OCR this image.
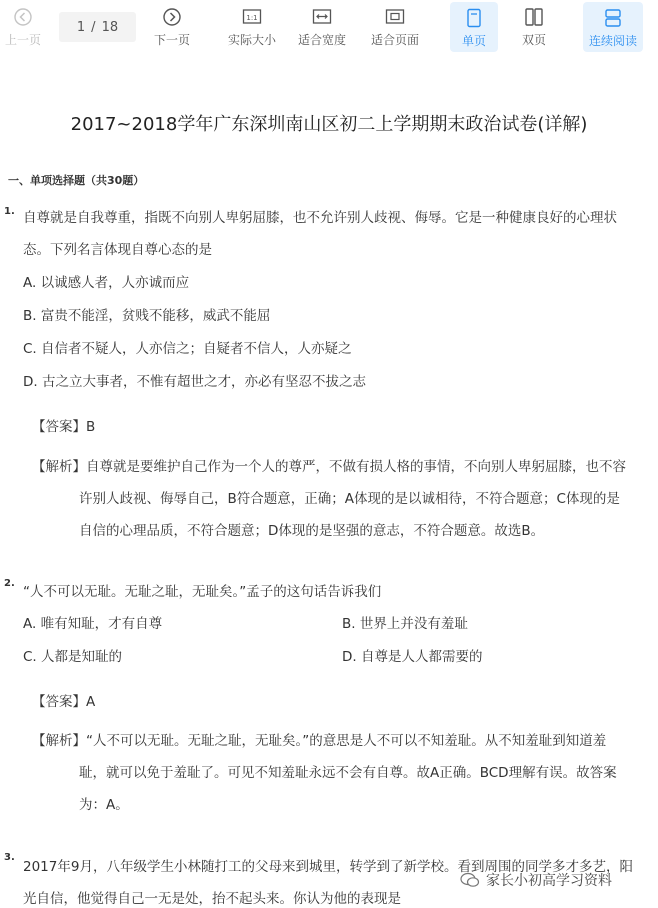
上一页
1 / 18
下一页
1:1
实际大小 适合宽度 适合页面	单页	双页	连续阅读
2017~2018学年广东深圳南山区初二上学期期末政治试卷(详解)
一、单项选择题（共30题）
1. 自尊就是自我尊重，指既不向别人卑躬屈膝，也不允许别人歧视、侮辱。它是一种健康良好的心理状
态。下列名言体现自尊心态的是
A. 以诚感人者，人亦诚而应
B. 富贵不能淫，贫贱不能移，威武不能屈
C. 自信者不疑人，人亦信之；自疑者不信人，人亦疑之
D. 古之立大事者，不惟有超世之才，亦必有坚忍不拔之志
【答案】B
【解析】自尊就是要维护自己作为一个人的尊严，不做有损人格的事情，不向别人卑躬屈膝，也不容
许别人歧视、侮辱自己，B符合题意，正确；A体现的是以诚相待，不符合题意；C体现的是
自信的心理品质，不符合题意；D体现的是坚强的意志，不符合题意。故选B。
2.
“人不可以无耻。无耻之耻，无耻矣。”孟子的这句话告诉我们
A. 唯有知耻，才有自尊	B. 世界上并没有羞耻
C. 人都是知耻的	D. 自尊是人人都需要的
【答案】A
【解析】“人不可以无耻。无耻之耻，无耻矣。”的意思是人不可以不知羞耻。从不知羞耻到知道羞
耻，就可以免于羞耻了。可见不知羞耻永远不会有自尊。故A正确。BCD理解有误。故答案
为：A。
3.
2017年9月，八年级学生小林随打工的父母来到城里，转学到了新学校。看到周围的同学多才多艺，阳
光自信，他觉得自己一无是处，抬不起头来。你认为他的表现是
家长小初高学习资料
